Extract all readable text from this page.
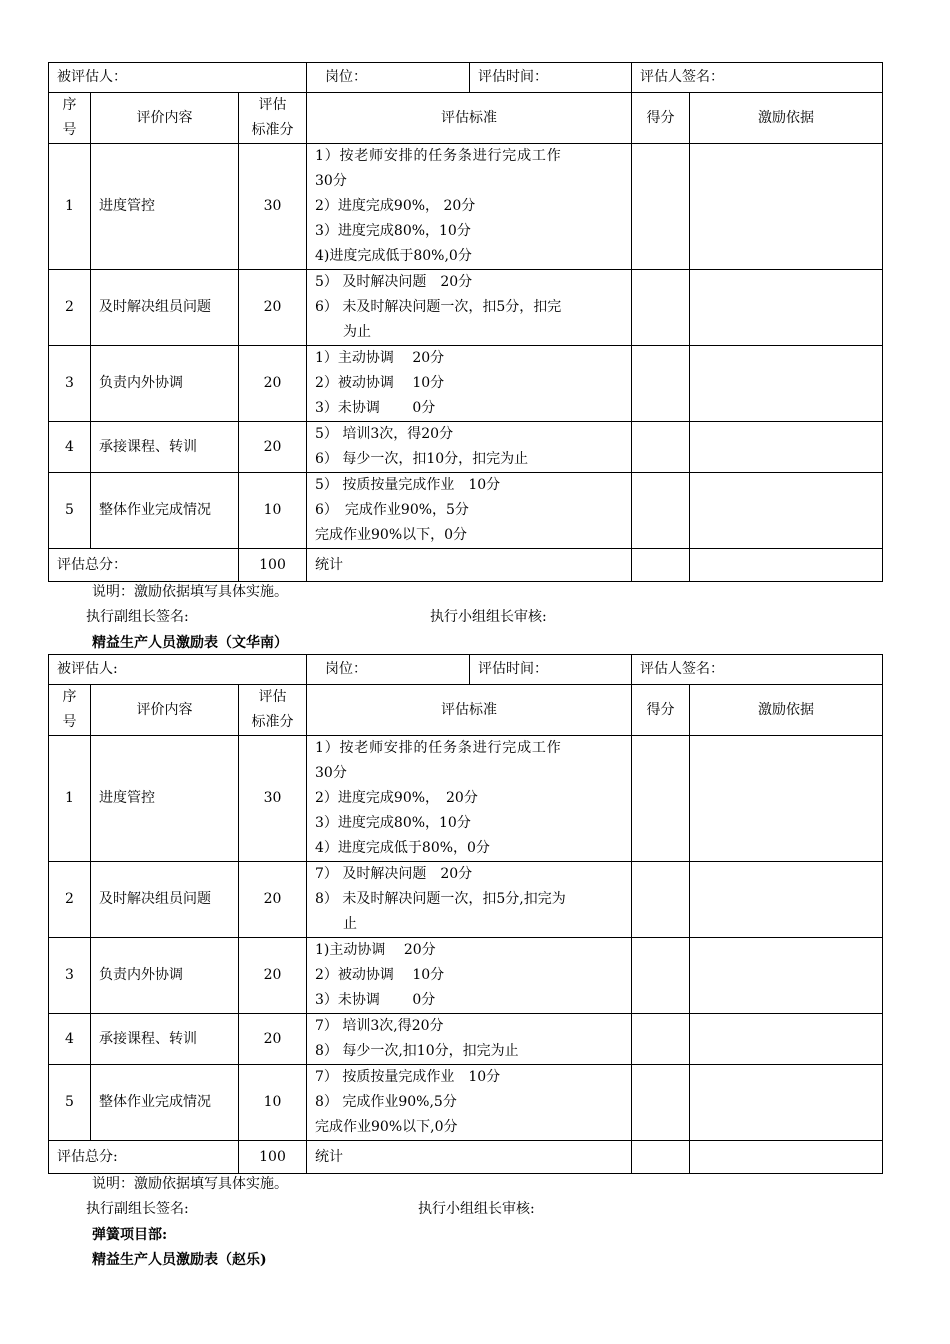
被评估人：			岗位：	评估时间：	评估人签名：	

序
号	评价内容	评估
标准分	评估标准		得分	激励依据
1	进度管控	30	1）按老师安排的任务条进行完成工作
30分
2）进度完成90%， 20分
3）进度完成80%，10分
4)进度完成低于80%,0分			

2	及时解决组员问题	20	5） 及时解决问题　20分
6） 未及时解决问题一次，扣5分，扣完
为止			

3	负责内外协调	20	1）主动协调　 20分
2）被动协调　 10分
3）未协调　　 0分			

4	承接课程、转训	20	5） 培训3次，得20分
6） 每少一次，扣10分，扣完为止			

5	整体作业完成情况	10	5） 按质按量完成作业　10分
6）　完成作业90%，5分
完成作业90%以下，0分			

评估总分：		100	统计			
说明：激励依据填写具体实施。
执行副组长签名:	执行小组组长审核:
精益生产人员激励表（文华南）
被评估人:			岗位：	评估时间：	评估人签名：	

序
号	评价内容	评估
标准分	评估标准		得分	激励依据
1	进度管控	30	1）按老师安排的任务条进行完成工作
30分
2）进度完成90%，　20分
3）进度完成80%，10分
4）进度完成低于80%，0分			

2	及时解决组员问题	20	7） 及时解决问题　20分
8） 未及时解决问题一次，扣5分,扣完为
止			

3	负责内外协调	20	1)主动协调　 20分
2）被动协调　 10分
3）未协调　　 0分			

4	承接课程、转训	20	7） 培训3次,得20分
8） 每少一次,扣10分，扣完为止			

5	整体作业完成情况	10	7） 按质按量完成作业　10分
8） 完成作业90%,5分
完成作业90%以下,0分			

评估总分:		100	统计			
说明：激励依据填写具体实施。
执行副组长签名:	执行小组组长审核:
弹簧项目部:
精益生产人员激励表（赵乐)
